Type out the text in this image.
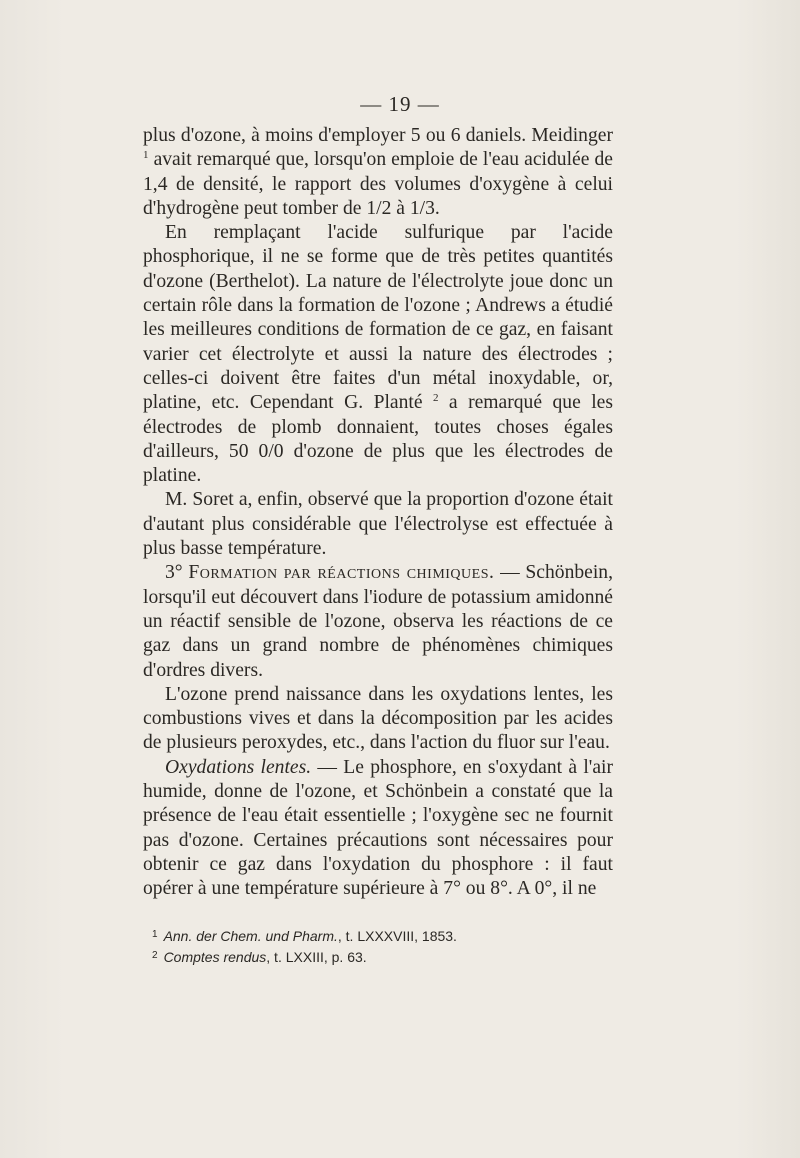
— 19 —

plus d'ozone, à moins d'employer 5 ou 6 daniels. Meidinger $^1$ avait remarqué que, lorsqu'on emploie de l'eau acidulée de 1,4 de densité, le rapport des volumes d'oxygène à celui d'hydrogène peut tomber de 1/2 à 1/3.

En remplaçant l'acide sulfurique par l'acide phosphorique, il ne se forme que de très petites quantités d'ozone (Berthelot). La nature de l'électrolyte joue donc un certain rôle dans la formation de l'ozone ; Andrews a étudié les meilleures conditions de formation de ce gaz, en faisant varier cet électrolyte et aussi la nature des électrodes ; celles-ci doivent être faites d'un métal inoxydable, or, platine, etc. Cependant G. Planté $^2$ a remarqué que les électrodes de plomb donnaient, toutes choses égales d'ailleurs, 50 0/0 d'ozone de plus que les électrodes de platine.

M. Soret a, enfin, observé que la proportion d'ozone était d'autant plus considérable que l'électrolyse est effectuée à plus basse température.

3° Formation par réactions chimiques. — Schönbein, lorsqu'il eut découvert dans l'iodure de potassium amidonné un réactif sensible de l'ozone, observa les réactions de ce gaz dans un grand nombre de phénomènes chimiques d'ordres divers.

L'ozone prend naissance dans les oxydations lentes, les combustions vives et dans la décomposition par les acides de plusieurs peroxydes, etc., dans l'action du fluor sur l'eau.

Oxydations lentes. — Le phosphore, en s'oxydant à l'air humide, donne de l'ozone, et Schönbein a constaté que la présence de l'eau était essentielle ; l'oxygène sec ne fournit pas d'ozone. Certaines précautions sont nécessaires pour obtenir ce gaz dans l'oxydation du phosphore : il faut opérer à une température supérieure à 7° ou 8°. A 0°, il ne

$^1$ Ann. der Chem. und Pharm., t. LXXXVIII, 1853.
$^2$ Comptes rendus, t. LXXIII, p. 63.
